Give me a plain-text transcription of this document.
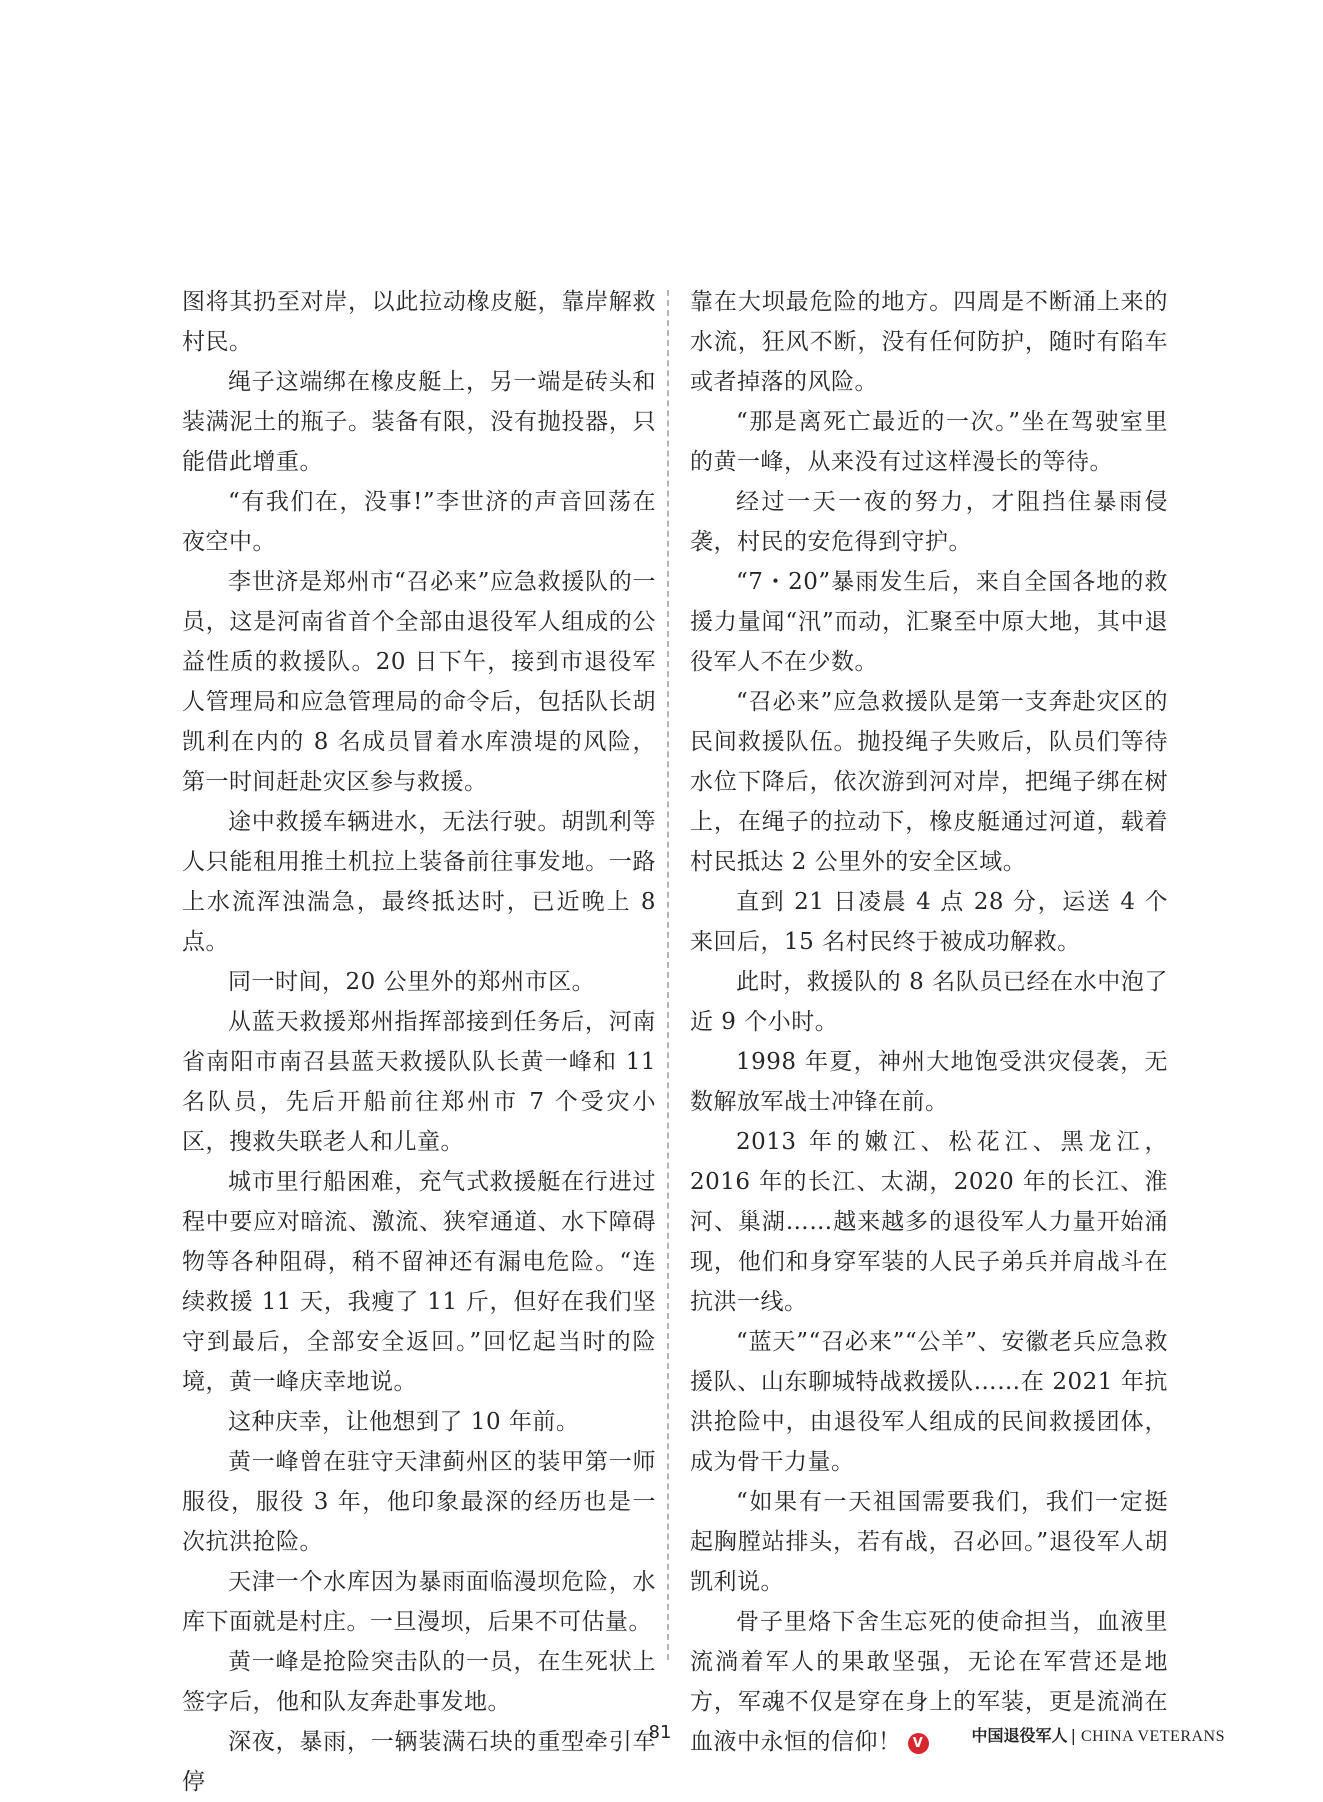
图将其扔至对岸，以此拉动橡皮艇，靠岸解救村民。

绳子这端绑在橡皮艇上，另一端是砖头和装满泥土的瓶子。装备有限，没有抛投器，只能借此增重。

“有我们在，没事!”李世济的声音回荡在夜空中。

李世济是郑州市“召必来”应急救援队的一员，这是河南省首个全部由退役军人组成的公益性质的救援队。20 日下午，接到市退役军人管理局和应急管理局的命令后，包括队长胡凯利在内的 8 名成员冒着水库溃堤的风险，第一时间赶赴灾区参与救援。

途中救援车辆进水，无法行驶。胡凯利等人只能租用推土机拉上装备前往事发地。一路上水流浑浊湍急，最终抵达时，已近晚上 8 点。

同一时间，20 公里外的郑州市区。

从蓝天救援郑州指挥部接到任务后，河南省南阳市南召县蓝天救援队队长黄一峰和 11 名队员，先后开船前往郑州市 7 个受灾小区，搜救失联老人和儿童。

城市里行船困难，充气式救援艇在行进过程中要应对暗流、激流、狭窄通道、水下障碍物等各种阻碍，稍不留神还有漏电危险。“连续救援 11 天，我瘦了 11 斤，但好在我们坚守到最后，全部安全返回。”回忆起当时的险境，黄一峰庆幸地说。

这种庆幸，让他想到了 10 年前。

黄一峰曾在驻守天津蓟州区的装甲第一师服役，服役 3 年，他印象最深的经历也是一次抗洪抢险。

天津一个水库因为暴雨面临漫坝危险，水库下面就是村庄。一旦漫坝，后果不可估量。

黄一峰是抢险突击队的一员，在生死状上签字后，他和队友奔赴事发地。

深夜，暴雨，一辆装满石块的重型牵引车停

靠在大坝最危险的地方。四周是不断涌上来的水流，狂风不断，没有任何防护，随时有陷车或者掉落的风险。

“那是离死亡最近的一次。”坐在驾驶室里的黄一峰，从来没有过这样漫长的等待。

经过一天一夜的努力，才阻挡住暴雨侵袭，村民的安危得到守护。

“7・20”暴雨发生后，来自全国各地的救援力量闻“汛”而动，汇聚至中原大地，其中退役军人不在少数。

“召必来”应急救援队是第一支奔赴灾区的民间救援队伍。抛投绳子失败后，队员们等待水位下降后，依次游到河对岸，把绳子绑在树上，在绳子的拉动下，橡皮艇通过河道，载着村民抵达 2 公里外的安全区域。

直到 21 日凌晨 4 点 28 分，运送 4 个来回后，15 名村民终于被成功解救。

此时，救援队的 8 名队员已经在水中泡了近 9 个小时。

1998 年夏，神州大地饱受洪灾侵袭，无数解放军战士冲锋在前。

2013 年的嫩江、松花江、黑龙江，2016 年的长江、太湖，2020 年的长江、淮河、巢湖……越来越多的退役军人力量开始涌现，他们和身穿军装的人民子弟兵并肩战斗在抗洪一线。

“蓝天”“召必来”“公羊”、安徽老兵应急救援队、山东聊城特战救援队……在 2021 年抗洪抢险中，由退役军人组成的民间救援团体，成为骨干力量。

“如果有一天祖国需要我们，我们一定挺起胸膛站排头，若有战，召必回。”退役军人胡凯利说。

骨子里烙下舍生忘死的使命担当，血液里流淌着军人的果敢坚强，无论在军营还是地方，军魂不仅是穿在身上的军装，更是流淌在血液中永恒的信仰！ V

81	中国退役军人 | CHINA VETERANS
